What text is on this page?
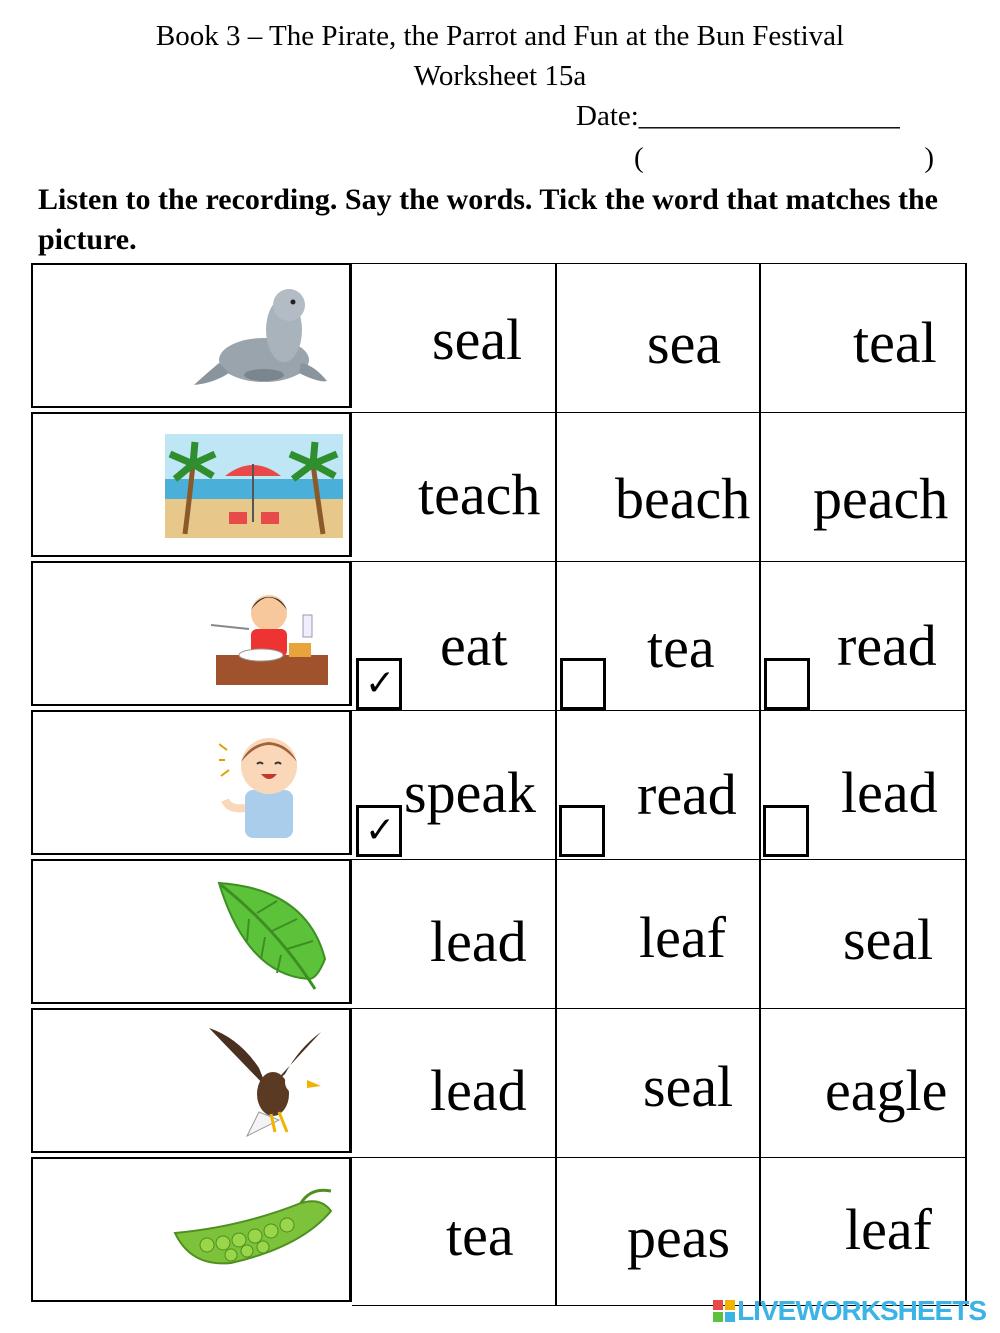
Book 3 – The Pirate, the Parrot and Fun at the Bun Festival
Worksheet 15a
Date:__________________
(	)
Listen to the recording. Say the words. Tick the word that matches the picture.
seal sea teal
teach beach peach
eat
✓
tea read
speak
✓
read lead
lead leaf seal
lead seal eagle
tea peas leaf
LIVEWORKSHEETS
